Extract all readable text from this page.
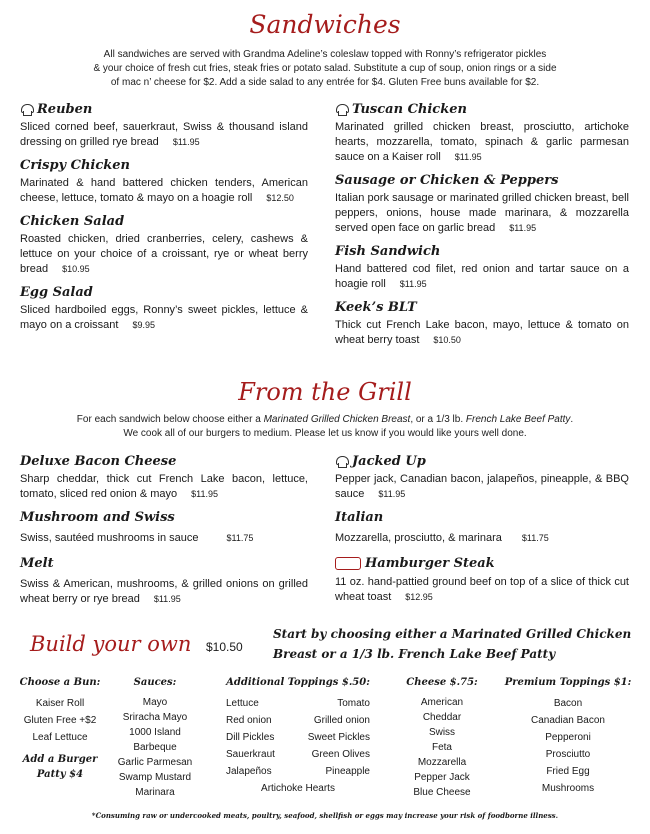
Sandwiches
All sandwiches are served with Grandma Adeline’s coleslaw topped with Ronny’s refrigerator pickles
& your choice of fresh cut fries, steak fries or potato salad. Substitute a cup of soup, onion rings or a side
of mac n’ cheese for $2. Add a side salad to any entrée for $4. Gluten Free buns available for $2.
Reuben
Sliced corned beef, sauerkraut, Swiss & thousand island dressing on grilled rye bread $11.95
Crispy Chicken
Marinated & hand battered chicken tenders, American cheese, lettuce, tomato & mayo on a hoagie roll $12.50
Chicken Salad
Roasted chicken, dried cranberries, celery, cashews & lettuce on your choice of a croissant, rye or wheat berry bread $10.95
Egg Salad
Sliced hardboiled eggs, Ronny’s sweet pickles, lettuce & mayo on a croissant $9.95
Tuscan Chicken
Marinated grilled chicken breast, prosciutto, artichoke hearts, mozzarella, tomato, spinach & garlic parmesan sauce on a Kaiser roll $11.95
Sausage or Chicken & Peppers
Italian pork sausage or marinated grilled chicken breast, bell peppers, onions, house made marinara, & mozzarella served open face on garlic bread $11.95
Fish Sandwich
Hand battered cod filet, red onion and tartar sauce on a hoagie roll $11.95
Keek’s BLT
Thick cut French Lake bacon, mayo, lettuce & tomato on wheat berry toast $10.50
From the Grill
For each sandwich below choose either a Marinated Grilled Chicken Breast, or a 1/3 lb. French Lake Beef Patty.
We cook all of our burgers to medium. Please let us know if you would like yours well done.
Deluxe Bacon Cheese
Sharp cheddar, thick cut French Lake bacon, lettuce, tomato, sliced red onion & mayo $11.95
Mushroom and Swiss
Swiss, sautéed mushrooms in sauce	$11.75
Melt
Swiss & American, mushrooms, & grilled onions on grilled wheat berry or rye bread $11.95
Jacked Up
Pepper jack, Canadian bacon, jalapeños, pineapple, & BBQ sauce $11.95
Italian
Mozzarella, prosciutto, & marinara $11.75
Hamburger Steak
11 oz. hand-pattied ground beef on top of a slice of thick cut wheat toast $12.95
Build your own $10.50
Start by choosing either a Marinated Grilled Chicken Breast or a 1/3 lb. French Lake Beef Patty
Choose a Bun:
Kaiser Roll
Gluten Free +$2
Leaf Lettuce
Add a Burger Patty $4
Sauces:
Mayo
Sriracha Mayo
1000 Island
Barbeque
Garlic Parmesan
Swamp Mustard
Marinara
Additional Toppings $.50:
Lettuce	Tomato
Red onion	Grilled onion
Dill Pickles	Sweet Pickles
Sauerkraut	Green Olives
Jalapeños	Pineapple
Artichoke Hearts
Cheese $.75:
American
Cheddar
Swiss
Feta
Mozzarella
Pepper Jack
Blue Cheese
Premium Toppings $1:
Bacon
Canadian Bacon
Pepperoni
Prosciutto
Fried Egg
Mushrooms
*Consuming raw or undercooked meats, poultry, seafood, shellfish or eggs may increase your risk of foodborne illness.
